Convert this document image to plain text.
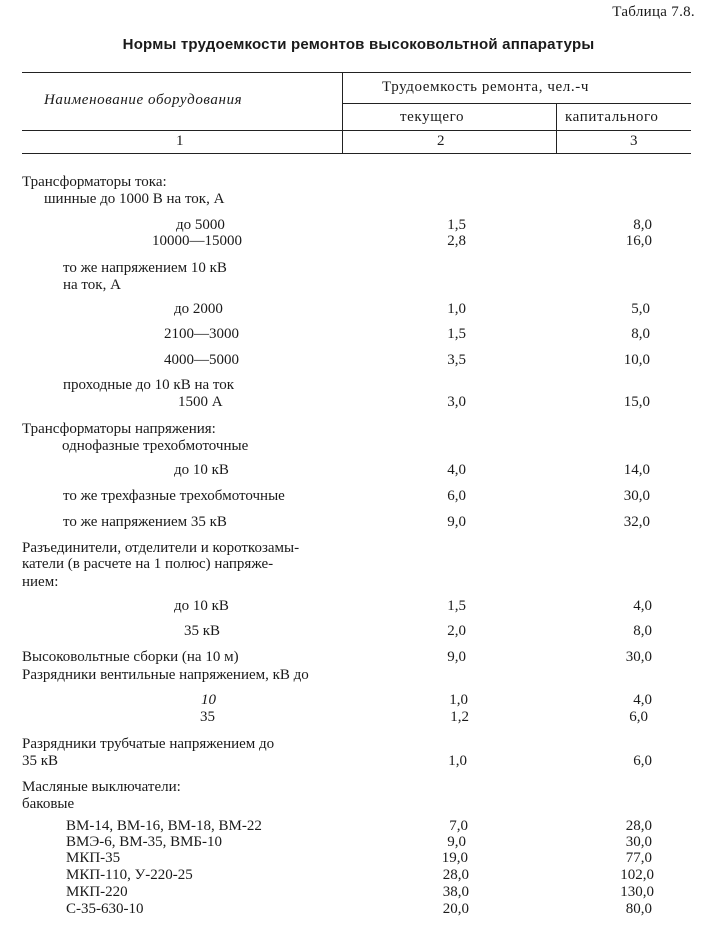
Таблица 7.8.
Нормы трудоемкости ремонтов высоковольтной аппаратуры
Наименование оборудования
Трудоемкость ремонта, чел.-ч
текущего	капитального
1	2	3
Трансформаторы тока:
шинные до 1000 В на ток, А
до 5000	1,5	8,0
10000—15000	2,8	16,0
то же напряжением 10 кВ
на ток, А
до 2000	1,0	5,0
2100—3000	1,5	8,0
4000—5000	3,5	10,0
проходные до 10 кВ на ток
1500 А	3,0	15,0
Трансформаторы напряжения:
однофазные трехобмоточные
до 10 кВ	4,0	14,0
то же трехфазные трехобмоточные	6,0	30,0
то же напряжением 35 кВ	9,0	32,0
Разъединители, отделители и короткозамы-
катели (в расчете на 1 полюс) напряже-
нием:
до 10 кВ	1,5	4,0
35 кВ	2,0	8,0
Высоковольтные сборки (на 10 м)	9,0	30,0
Разрядники вентильные напряжением, кВ до
10	1,0	4,0
35	1,2	6,0
Разрядники трубчатые напряжением до
35 кВ	1,0	6,0
Масляные выключатели:
баковые
ВМ-14, ВМ-16, ВМ-18, ВМ-22	7,0	28,0
ВМЭ-6, ВМ-35, ВМБ-10	9,0	30,0
МКП-35	19,0	77,0
МКП-110, У-220-25	28,0	102,0
МКП-220	38,0	130,0
С-35-630-10	20,0	80,0
